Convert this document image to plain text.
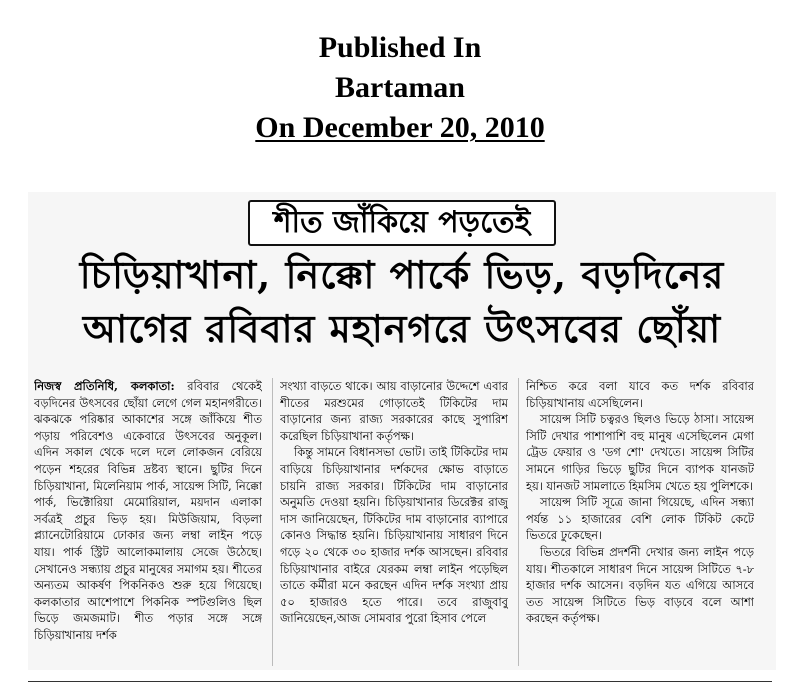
Published In
Bartaman
On December 20, 2010
শীত জাঁকিয়ে পড়তেই
চিড়িয়াখানা, নিক্কো পার্কে ভিড়, বড়দিনের
আগের রবিবার মহানগরে উৎসবের ছোঁয়া

নিজস্ব প্রতিনিধি, কলকাতা: রবিবার থেকেই বড়দিনের উৎসবের ছোঁয়া লেগে গেল মহানগরীতে। ঝকঝকে পরিষ্কার আকাশের সঙ্গে জাঁকিয়ে শীত পড়ায় পরিবেশও একেবারে উৎসবের অনুকূল। এদিন সকাল থেকে দলে দলে লোকজন বেরিয়ে পড়েন শহরের বিভিন্ন দ্রষ্টব্য স্থানে। ছুটির দিনে চিড়িয়াখানা, মিলেনিয়াম পার্ক, সায়েন্স সিটি, নিক্কো পার্ক, ভিক্টোরিয়া মেমোরিয়াল, ময়দান এলাকা সর্বত্রই প্রচুর ভিড় হয়। মিউজিয়াম, বিড়লা প্ল্যানেটোরিয়ামে ঢোকার জন্য লম্বা লাইন পড়ে যায়। পার্ক স্ট্রিট আলোকমালায় সেজে উঠেছে। সেখানেও সন্ধ্যায় প্রচুর মানুষের সমাগম হয়। শীতের অন্যতম আকর্ষণ পিকনিকও শুরু হয়ে গিয়েছে। কলকাতার আশেপাশে পিকনিক স্পটগুলিও ছিল ভিড়ে জমজমাট। শীত পড়ার সঙ্গে সঙ্গে চিড়িয়াখানায় দর্শক

সংখ্যা বাড়তে থাকে। আয় বাড়ানোর উদ্দেশে এবার শীতের মরশুমের গোড়াতেই টিকিটের দাম বাড়ানোর জন্য রাজ্য সরকারের কাছে সুপারিশ করেছিল চিড়িয়াখানা কর্তৃপক্ষ।

কিন্তু সামনে বিধানসভা ভোট। তাই টিকিটের দাম বাড়িয়ে চিড়িয়াখানার দর্শকদের ক্ষোভ বাড়াতে চায়নি রাজ্য সরকার। টিকিটের দাম বাড়ানোর অনুমতি দেওয়া হয়নি। চিড়িয়াখানার ডিরেক্টর রাজু দাস জানিয়েছেন, টিকিটের দাম বাড়ানোর ব্যাপারে কোনও সিদ্ধান্ত হয়নি। চিড়িয়াখানায় সাধারণ দিনে গড়ে ২০ থেকে ৩০ হাজার দর্শক আসছেন। রবিবার চিড়িয়াখানার বাইরে যেরকম লম্বা লাইন পড়েছিল তাতে কর্মীরা মনে করছেন এদিন দর্শক সংখ্যা প্রায় ৫০ হাজারও হতে পারে। তবে রাজুবাবু জানিয়েছেন,আজ সোমবার পুরো হিসাব পেলে

নিশ্চিত করে বলা যাবে কত দর্শক রবিবার চিড়িয়াখানায় এসেছিলেন।

সায়েন্স সিটি চত্বরও ছিলও ভিড়ে ঠাসা। সায়েন্স সিটি দেখার পাশাপাশি বহু মানুষ এসেছিলেন মেগা ট্রেড ফেয়ার ও 'ডগ শো' দেখতে। সায়েন্স সিটির সামনে গাড়ির ভিড়ে ছুটির দিনে ব্যাপক যানজট হয়। যানজট সামলাতে হিমসিম খেতে হয় পুলিশকে।

সায়েন্স সিটি সূত্রে জানা গিয়েছে, এদিন সন্ধ্যা পর্যন্ত ১১ হাজারের বেশি লোক টিকিট কেটে ভিতরে ঢুকেছেন।

ভিতরে বিভিন্ন প্রদর্শনী দেখার জন্য লাইন পড়ে যায়। শীতকালে সাধারণ দিনে সায়েন্স সিটিতে ৭-৮ হাজার দর্শক আসেন। বড়দিন যত এগিয়ে আসবে তত সায়েন্স সিটিতে ভিড় বাড়বে বলে আশা করছেন কর্তৃপক্ষ।
